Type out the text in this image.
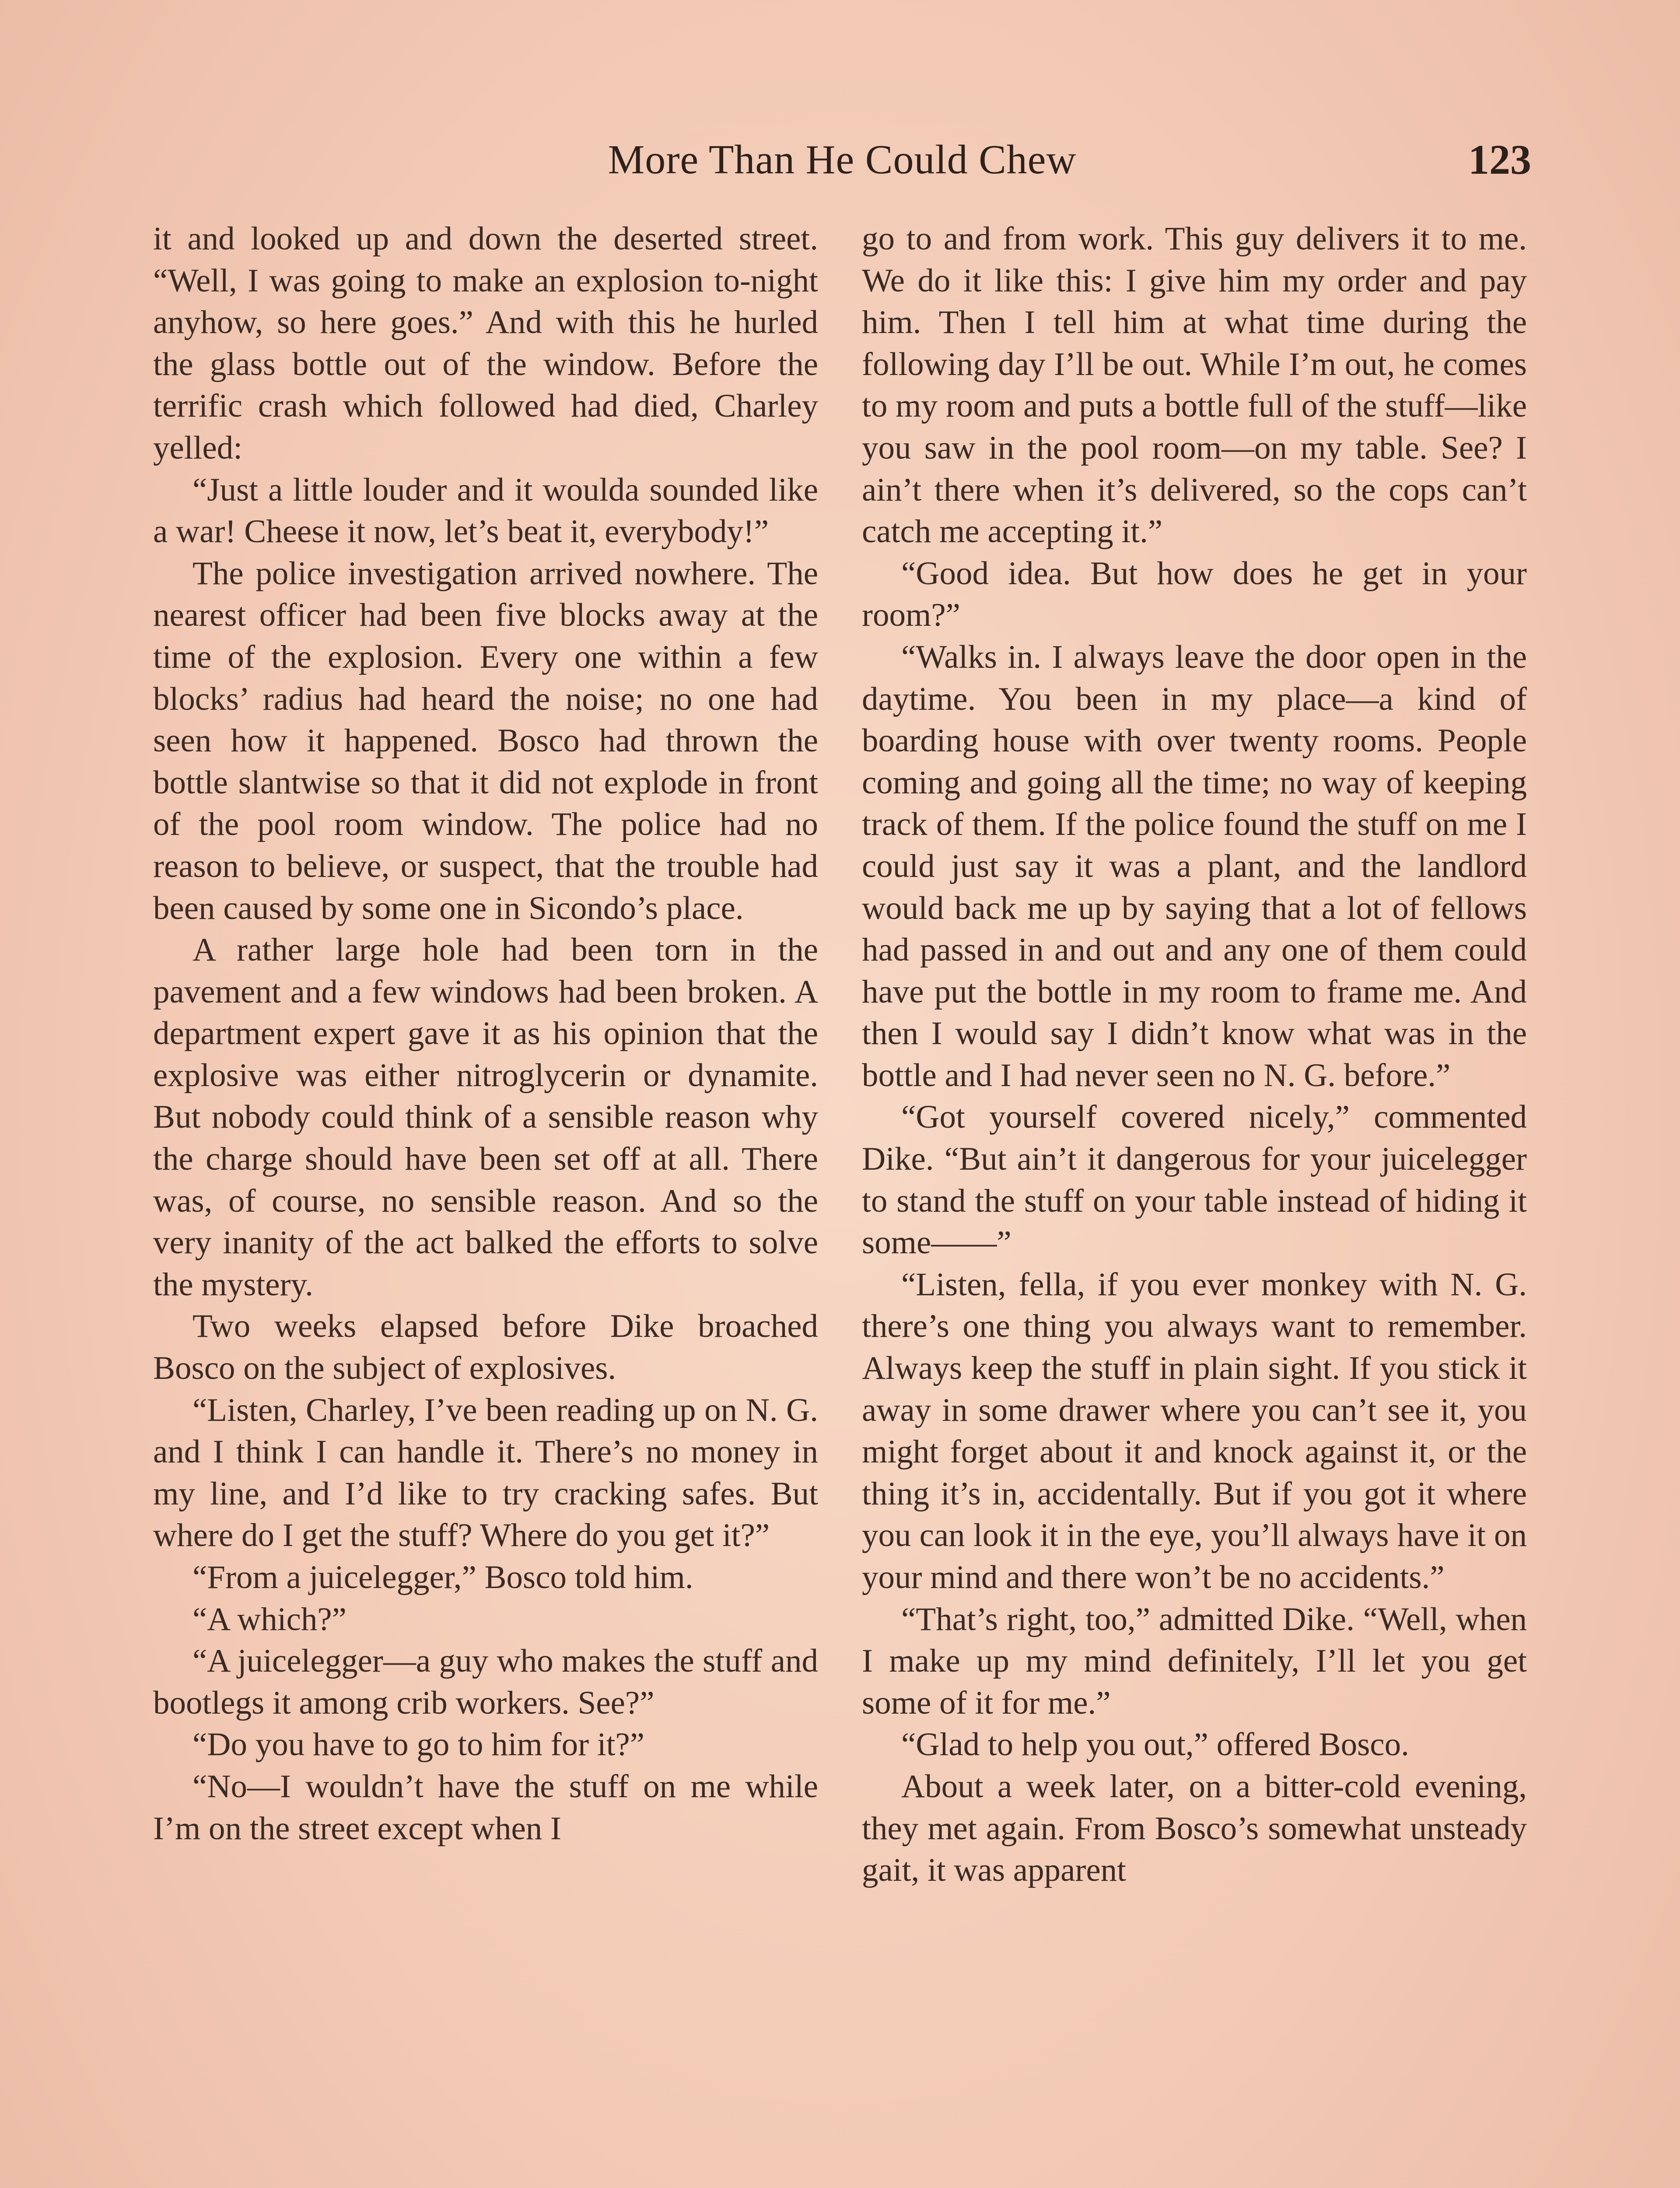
More Than He Could Chew	123

it and looked up and down the deserted street. “Well, I was going to make an explosion to-night anyhow, so here goes.” And with this he hurled the glass bottle out of the window. Before the terrific crash which followed had died, Charley yelled:

“Just a little louder and it woulda sounded like a war! Cheese it now, let’s beat it, everybody!”

The police investigation arrived nowhere. The nearest officer had been five blocks away at the time of the explosion. Every one within a few blocks’ radius had heard the noise; no one had seen how it happened. Bosco had thrown the bottle slantwise so that it did not explode in front of the pool room window. The police had no reason to believe, or suspect, that the trouble had been caused by some one in Sicondo’s place.

A rather large hole had been torn in the pavement and a few windows had been broken. A department expert gave it as his opinion that the explosive was either nitroglycerin or dynamite. But nobody could think of a sensible reason why the charge should have been set off at all. There was, of course, no sensible reason. And so the very inanity of the act balked the efforts to solve the mystery.

Two weeks elapsed before Dike broached Bosco on the subject of explosives.

“Listen, Charley, I’ve been reading up on N. G. and I think I can handle it. There’s no money in my line, and I’d like to try cracking safes. But where do I get the stuff? Where do you get it?”

“From a juicelegger,” Bosco told him.

“A which?”

“A juicelegger—a guy who makes the stuff and bootlegs it among crib workers. See?”

“Do you have to go to him for it?”

“No—I wouldn’t have the stuff on me while I’m on the street except when I

go to and from work. This guy delivers it to me. We do it like this: I give him my order and pay him. Then I tell him at what time during the following day I’ll be out. While I’m out, he comes to my room and puts a bottle full of the stuff—like you saw in the pool room—on my table. See? I ain’t there when it’s delivered, so the cops can’t catch me accepting it.”

“Good idea. But how does he get in your room?”

“Walks in. I always leave the door open in the daytime. You been in my place—a kind of boarding house with over twenty rooms. People coming and going all the time; no way of keeping track of them. If the police found the stuff on me I could just say it was a plant, and the landlord would back me up by saying that a lot of fellows had passed in and out and any one of them could have put the bottle in my room to frame me. And then I would say I didn’t know what was in the bottle and I had never seen no N. G. before.”

“Got yourself covered nicely,” commented Dike. “But ain’t it dangerous for your juicelegger to stand the stuff on your table instead of hiding it some——”

“Listen, fella, if you ever monkey with N. G. there’s one thing you always want to remember. Always keep the stuff in plain sight. If you stick it away in some drawer where you can’t see it, you might forget about it and knock against it, or the thing it’s in, accidentally. But if you got it where you can look it in the eye, you’ll always have it on your mind and there won’t be no accidents.”

“That’s right, too,” admitted Dike. “Well, when I make up my mind definitely, I’ll let you get some of it for me.”

“Glad to help you out,” offered Bosco.

About a week later, on a bitter-cold evening, they met again. From Bosco’s somewhat unsteady gait, it was apparent
